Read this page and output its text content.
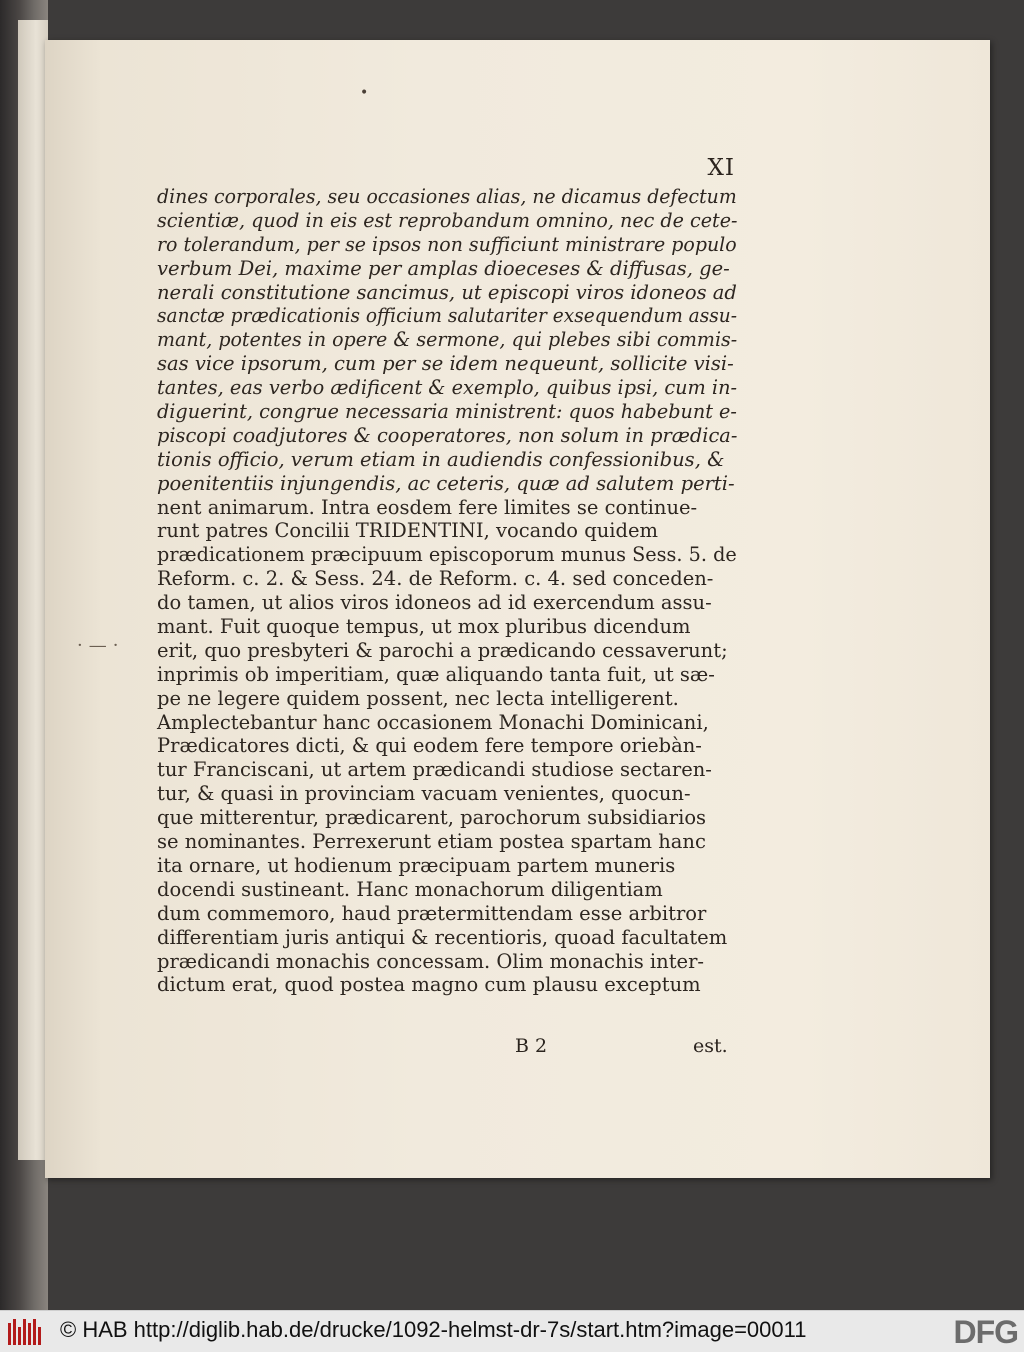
•
·—·
XI
dines corporales, seu occasiones alias, ne dicamus defectum
scientiæ, quod in eis est reprobandum omnino, nec de cete-
ro tolerandum, per se ipsos non sufficiunt ministrare populo
verbum Dei, maxime per amplas dioeceses & diffusas, ge-
nerali constitutione sancimus, ut episcopi viros idoneos ad
sanctæ prædicationis officium salutariter exsequendum assu-
mant, potentes in opere & sermone, qui plebes sibi commis-
sas vice ipsorum, cum per se idem nequeunt, sollicite visi-
tantes, eas verbo ædificent & exemplo, quibus ipsi, cum in-
diguerint, congrue necessaria ministrent: quos habebunt e-
piscopi coadjutores & cooperatores, non solum in prædica-
tionis officio, verum etiam in audiendis confessionibus, &
poenitentiis injungendis, ac ceteris, quæ ad salutem perti-
nent animarum. Intra eosdem fere limites se continue-
runt patres Concilii TRIDENTINI, vocando quidem
prædicationem præcipuum episcoporum munus Sess. 5. de
Reform. c. 2. & Sess. 24. de Reform. c. 4. sed conceden-
do tamen, ut alios viros idoneos ad id exercendum assu-
mant. Fuit quoque tempus, ut mox pluribus dicendum
erit, quo presbyteri & parochi a prædicando cessaverunt;
inprimis ob imperitiam, quæ aliquando tanta fuit, ut sæ-
pe ne legere quidem possent, nec lecta intelligerent.
Amplectebantur hanc occasionem Monachi Dominicani,
Prædicatores dicti, & qui eodem fere tempore oriebàn-
tur Franciscani, ut artem prædicandi studiose sectaren-
tur, & quasi in provinciam vacuam venientes, quocun-
que mitterentur, prædicarent, parochorum subsidiarios
se nominantes. Perrexerunt etiam postea spartam hanc
ita ornare, ut hodienum præcipuam partem muneris
docendi sustineant. Hanc monachorum diligentiam
dum commemoro, haud prætermittendam esse arbitror
differentiam juris antiqui & recentioris, quoad facultatem
prædicandi monachis concessam. Olim monachis inter-
dictum erat, quod postea magno cum plausu exceptum
B 2	est.
© HAB http://diglib.hab.de/drucke/1092-helmst-dr-7s/start.htm?image=00011	DFG
